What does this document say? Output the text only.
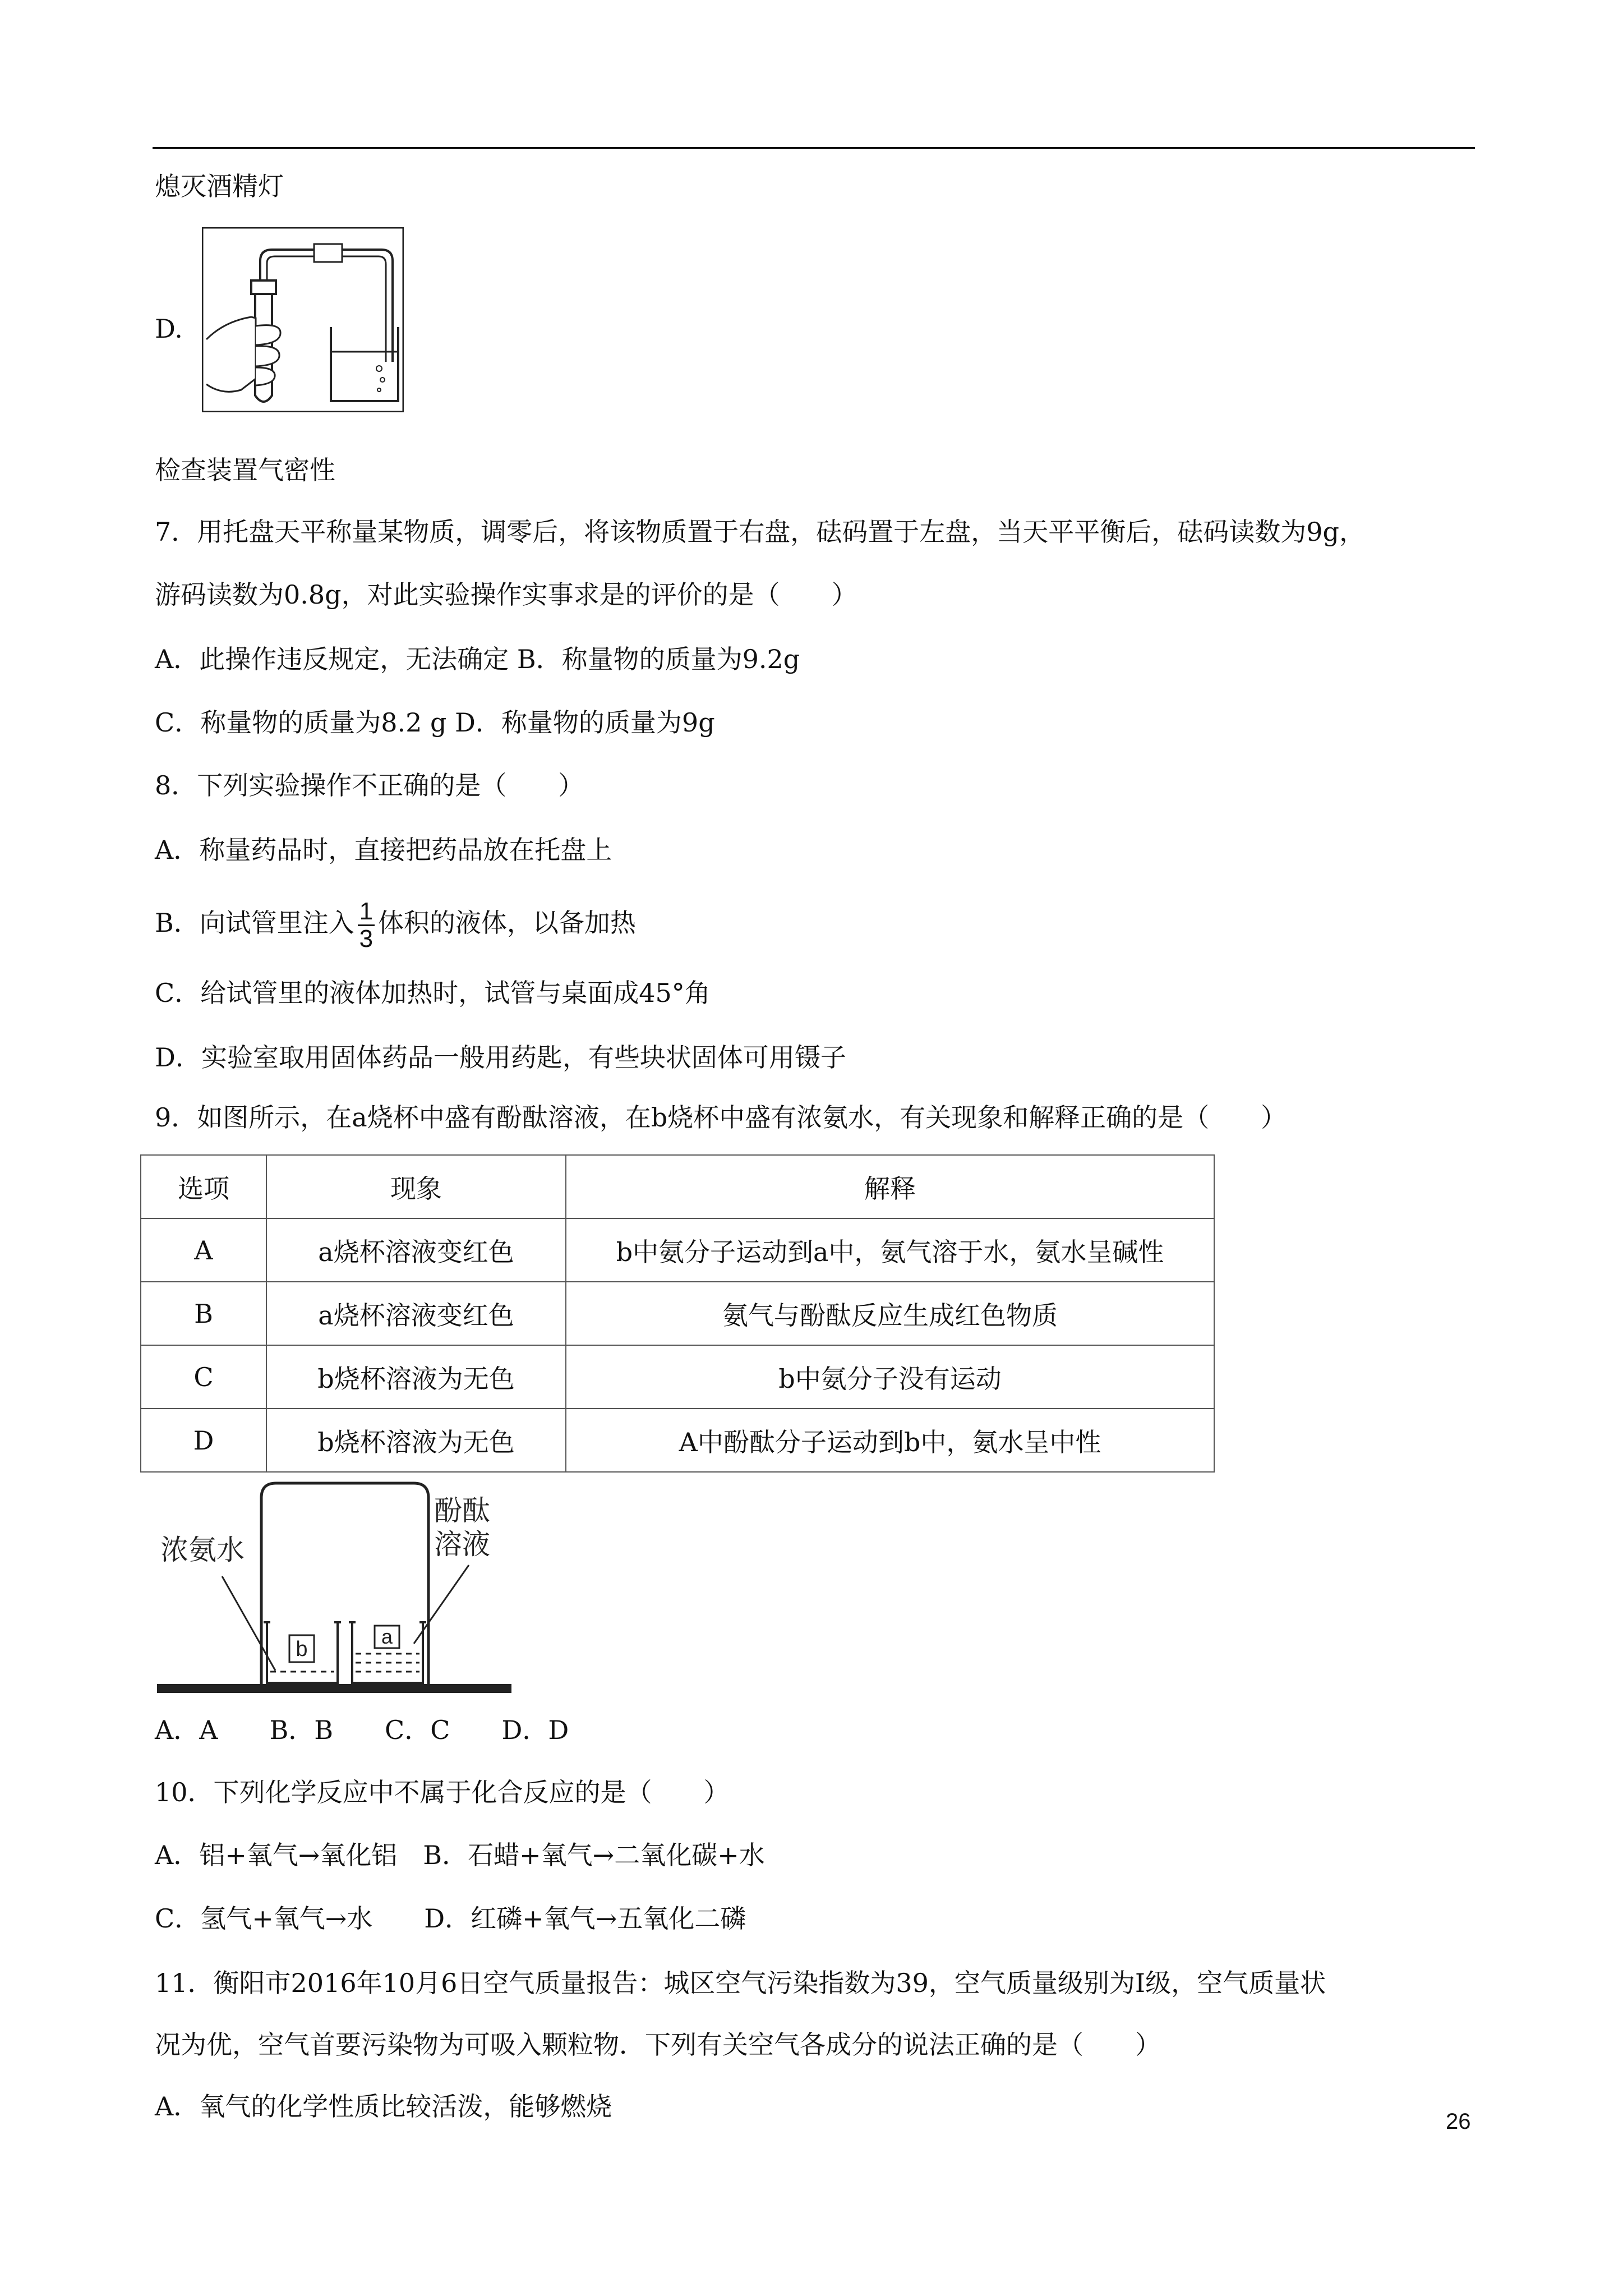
熄灭酒精灯
D.
检查装置气密性
7．用托盘天平称量某物质，调零后，将该物质置于右盘，砝码置于左盘，当天平平衡后，砝码读数为9g，
游码读数为0.8g，对此实验操作实事求是的评价的是（　　）
A．此操作违反规定，无法确定 B．称量物的质量为9.2g
C．称量物的质量为8.2 g D．称量物的质量为9g
8．下列实验操作不正确的是（　　）
A．称量药品时，直接把药品放在托盘上
B．向试管里注入 $\frac{1}{3}$ 体积的液体，以备加热
C．给试管里的液体加热时，试管与桌面成45°角
D．实验室取用固体药品一般用药匙，有些块状固体可用镊子
9．如图所示，在a烧杯中盛有酚酞溶液，在b烧杯中盛有浓氨水，有关现象和解释正确的是（　　）
选项	现象	解释
A	a烧杯溶液变红色	b中氨分子运动到a中，氨气溶于水，氨水呈碱性
B	a烧杯溶液变红色	氨气与酚酞反应生成红色物质
C	b烧杯溶液为无色	b中氨分子没有运动
D	b烧杯溶液为无色	A中酚酞分子运动到b中，氨水呈中性
b
a
浓氨水
酚酞
溶液
A．A　　B．B　　C．C　　D．D
10．下列化学反应中不属于化合反应的是（　　）
A．铝+氧气→氧化铝　B．石蜡+氧气→二氧化碳+水
C．氢气+氧气→水　　D．红磷+氧气→五氧化二磷
11．衡阳市2016年10月6日空气质量报告：城区空气污染指数为39，空气质量级别为Ⅰ级，空气质量状
况为优，空气首要污染物为可吸入颗粒物．下列有关空气各成分的说法正确的是（　　）
A．氧气的化学性质比较活泼，能够燃烧	26
